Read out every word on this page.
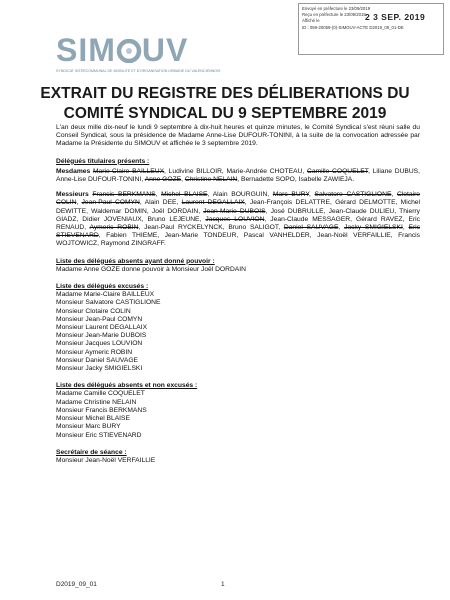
Envoyé en préfecture le 23/09/2019
Reçu en préfecture le 23/09/2019
Affiché le	2 3 SEP. 2019
ID : 059-20059-(0)-SIMOUV-ACTE D2019_09_01-DE
SIM UV
SYNDICAT INTERCOMMUNAL DE MOBILITÉ ET D'ORGANISATION URBAINE DU VALENCIENNOIS
EXTRAIT DU REGISTRE DES DÉLIBERATIONS DU
COMITÉ SYNDICAL DU 9 SEPTEMBRE 2019

L'an deux mille dix-neuf le lundi 9 septembre à dix-huit heures et quinze minutes, le Comité Syndical s'est réuni salle du Conseil Syndical, sous la présidence de Madame Anne-Lise DUFOUR-TONINI, à la suite de la convocation adressée par Madame la Présidente du SIMOUV et affichée le 3 septembre 2019.

Délégués titulaires présents :

Mesdames Marie-Claire BAILLEUX, Ludivine BILLOIR, Marie-Andrée CHOTEAU, Camille COQUELET, Liliane DUBUS, Anne-Lise DUFOUR-TONINI, Anne GOZE, Christine NELAIN, Bernadette SOPO, Isabelle ZAWIEJA.

Messieurs Francis BERKMANS, Michel BLAISE, Alain BOURGUIN, Marc BURY, Salvatore CASTIGLIONE, Clotaire COLIN, Jean-Paul COMYN, Alain DEE, Laurent DEGALLAIX, Jean-François DELATTRE, Gérard DELMOTTE, Michel DEWITTE, Waldemar DOMIN, Joël DORDAIN, Jean-Marie DUBOIS, José DUBRULLE, Jean-Claude DULIEU, Thierry GIADZ, Didier JOVENIAUX, Bruno LEJEUNE, Jacques LOUVION, Jean-Claude MESSAGER, Gérard RAVEZ, Eric RENAUD, Aymeric ROBIN, Jean-Paul RYCKELYNCK, Bruno SALIGOT, Daniel SAUVAGE, Jacky SMIGIELSKI, Eric STIEVENARD, Fabien THIEME, Jean-Marie TONDEUR, Pascal VANHELDER, Jean-Noël VERFAILLIE, Francis WOJTOWICZ, Raymond ZINGRAFF.

Liste des délégués absents ayant donné pouvoir :
Madame Anne GOZE donne pouvoir à Monsieur Joël DORDAIN
Liste des délégués excusés :
Madame Marie-Claire BAILLEUX
Monsieur Salvatore CASTIGLIONE
Monsieur Clotaire COLIN
Monsieur Jean-Paul COMYN
Monsieur Laurent DEGALLAIX
Monsieur Jean-Marie DUBOIS
Monsieur Jacques LOUVION
Monsieur Aymeric ROBIN
Monsieur Daniel SAUVAGE
Monsieur Jacky SMIGIELSKI
Liste des délégués absents et non excusés :
Madame Camille COQUELET
Madame Christine NELAIN
Monsieur Francis BERKMANS
Monsieur Michel BLAISE
Monsieur Marc BURY
Monsieur Eric STIEVENARD
Secrétaire de séance :
Monsieur Jean-Noël VERFAILLIE
D2019_09_01	1
